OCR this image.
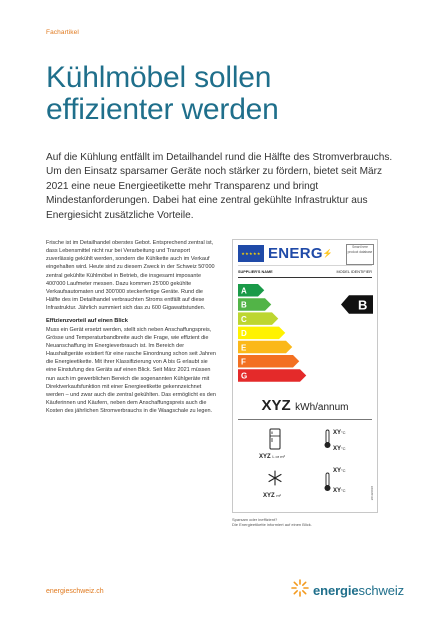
Fachartikel
Kühlmöbel sollen
effizienter werden

Auf die Kühlung entfällt im Detailhandel rund die Hälfte des Stromverbrauchs. Um den Einsatz sparsamer Geräte noch stärker zu fördern, bietet seit März 2021 eine neue Energieetikette mehr Transparenz und bringt Mindestanforderungen. Dabei hat eine zentral gekühlte Infrastruktur aus Energiesicht zusätzliche Vorteile.

Frische ist im Detailhandel oberstes Gebot. Entsprechend zentral ist, dass Lebensmittel nicht nur bei Verarbeitung und Transport zuverlässig gekühlt werden, sondern die Kühlkette auch im Verkauf eingehalten wird. Heute sind zu diesem Zweck in der Schweiz 50'000 zentral gekühlte Kühlmöbel in Betrieb, die insgesamt imposante 400'000 Laufmeter messen. Dazu kommen 25'000 gekühlte Verkaufsautomaten und 300'000 steckerfertige Geräte. Rund die Hälfte des im Detailhandel verbrauchten Stroms entfällt auf diese Infrastruktur. Jährlich summiert sich das zu 600 Gigawattstunden.

Effizienzvorteil auf einen Blick

Muss ein Gerät ersetzt werden, stellt sich neben Anschaffungspreis, Grösse und Temperaturbandbreite auch die Frage, wie effizient die Neuanschaffung im Energieverbrauch ist. Im Bereich der Haushaltgeräte existiert für eine rasche Einordnung schon seit Jahren die Energieetikette. Mit ihrer Klassifizierung von A bis G erlaubt sie eine Einstufung des Geräts auf einen Blick. Seit März 2021 müssen nun auch im gewerblichen Bereich die sogenannten Kühlgeräte mit Direktverkaufsfunktion mit einer Energieetikette gekennzeichnet werden – und zwar auch die zentral gekühlten. Das ermöglicht es den Käuferinnen und Käufern, neben dem Anschaffungspreis auch die Kosten des jährlichen Stromverbrauchs in die Waagschale zu legen.

★★★★★ ENERG⚡
Smart here product database
SUPPLIER'S NAME	MODEL IDENTIFIER
A
B
C
D
E
F
G
B
XYZ kWh/annum
XYZ L or m³
XYZ m²
XY°C
XY°C
XY°C
XY°C	2019/2018

Sparsam oder ineffizient?

Die Energieetikette informiert auf einen Blick.

energieschweiz.ch	energieschweiz
